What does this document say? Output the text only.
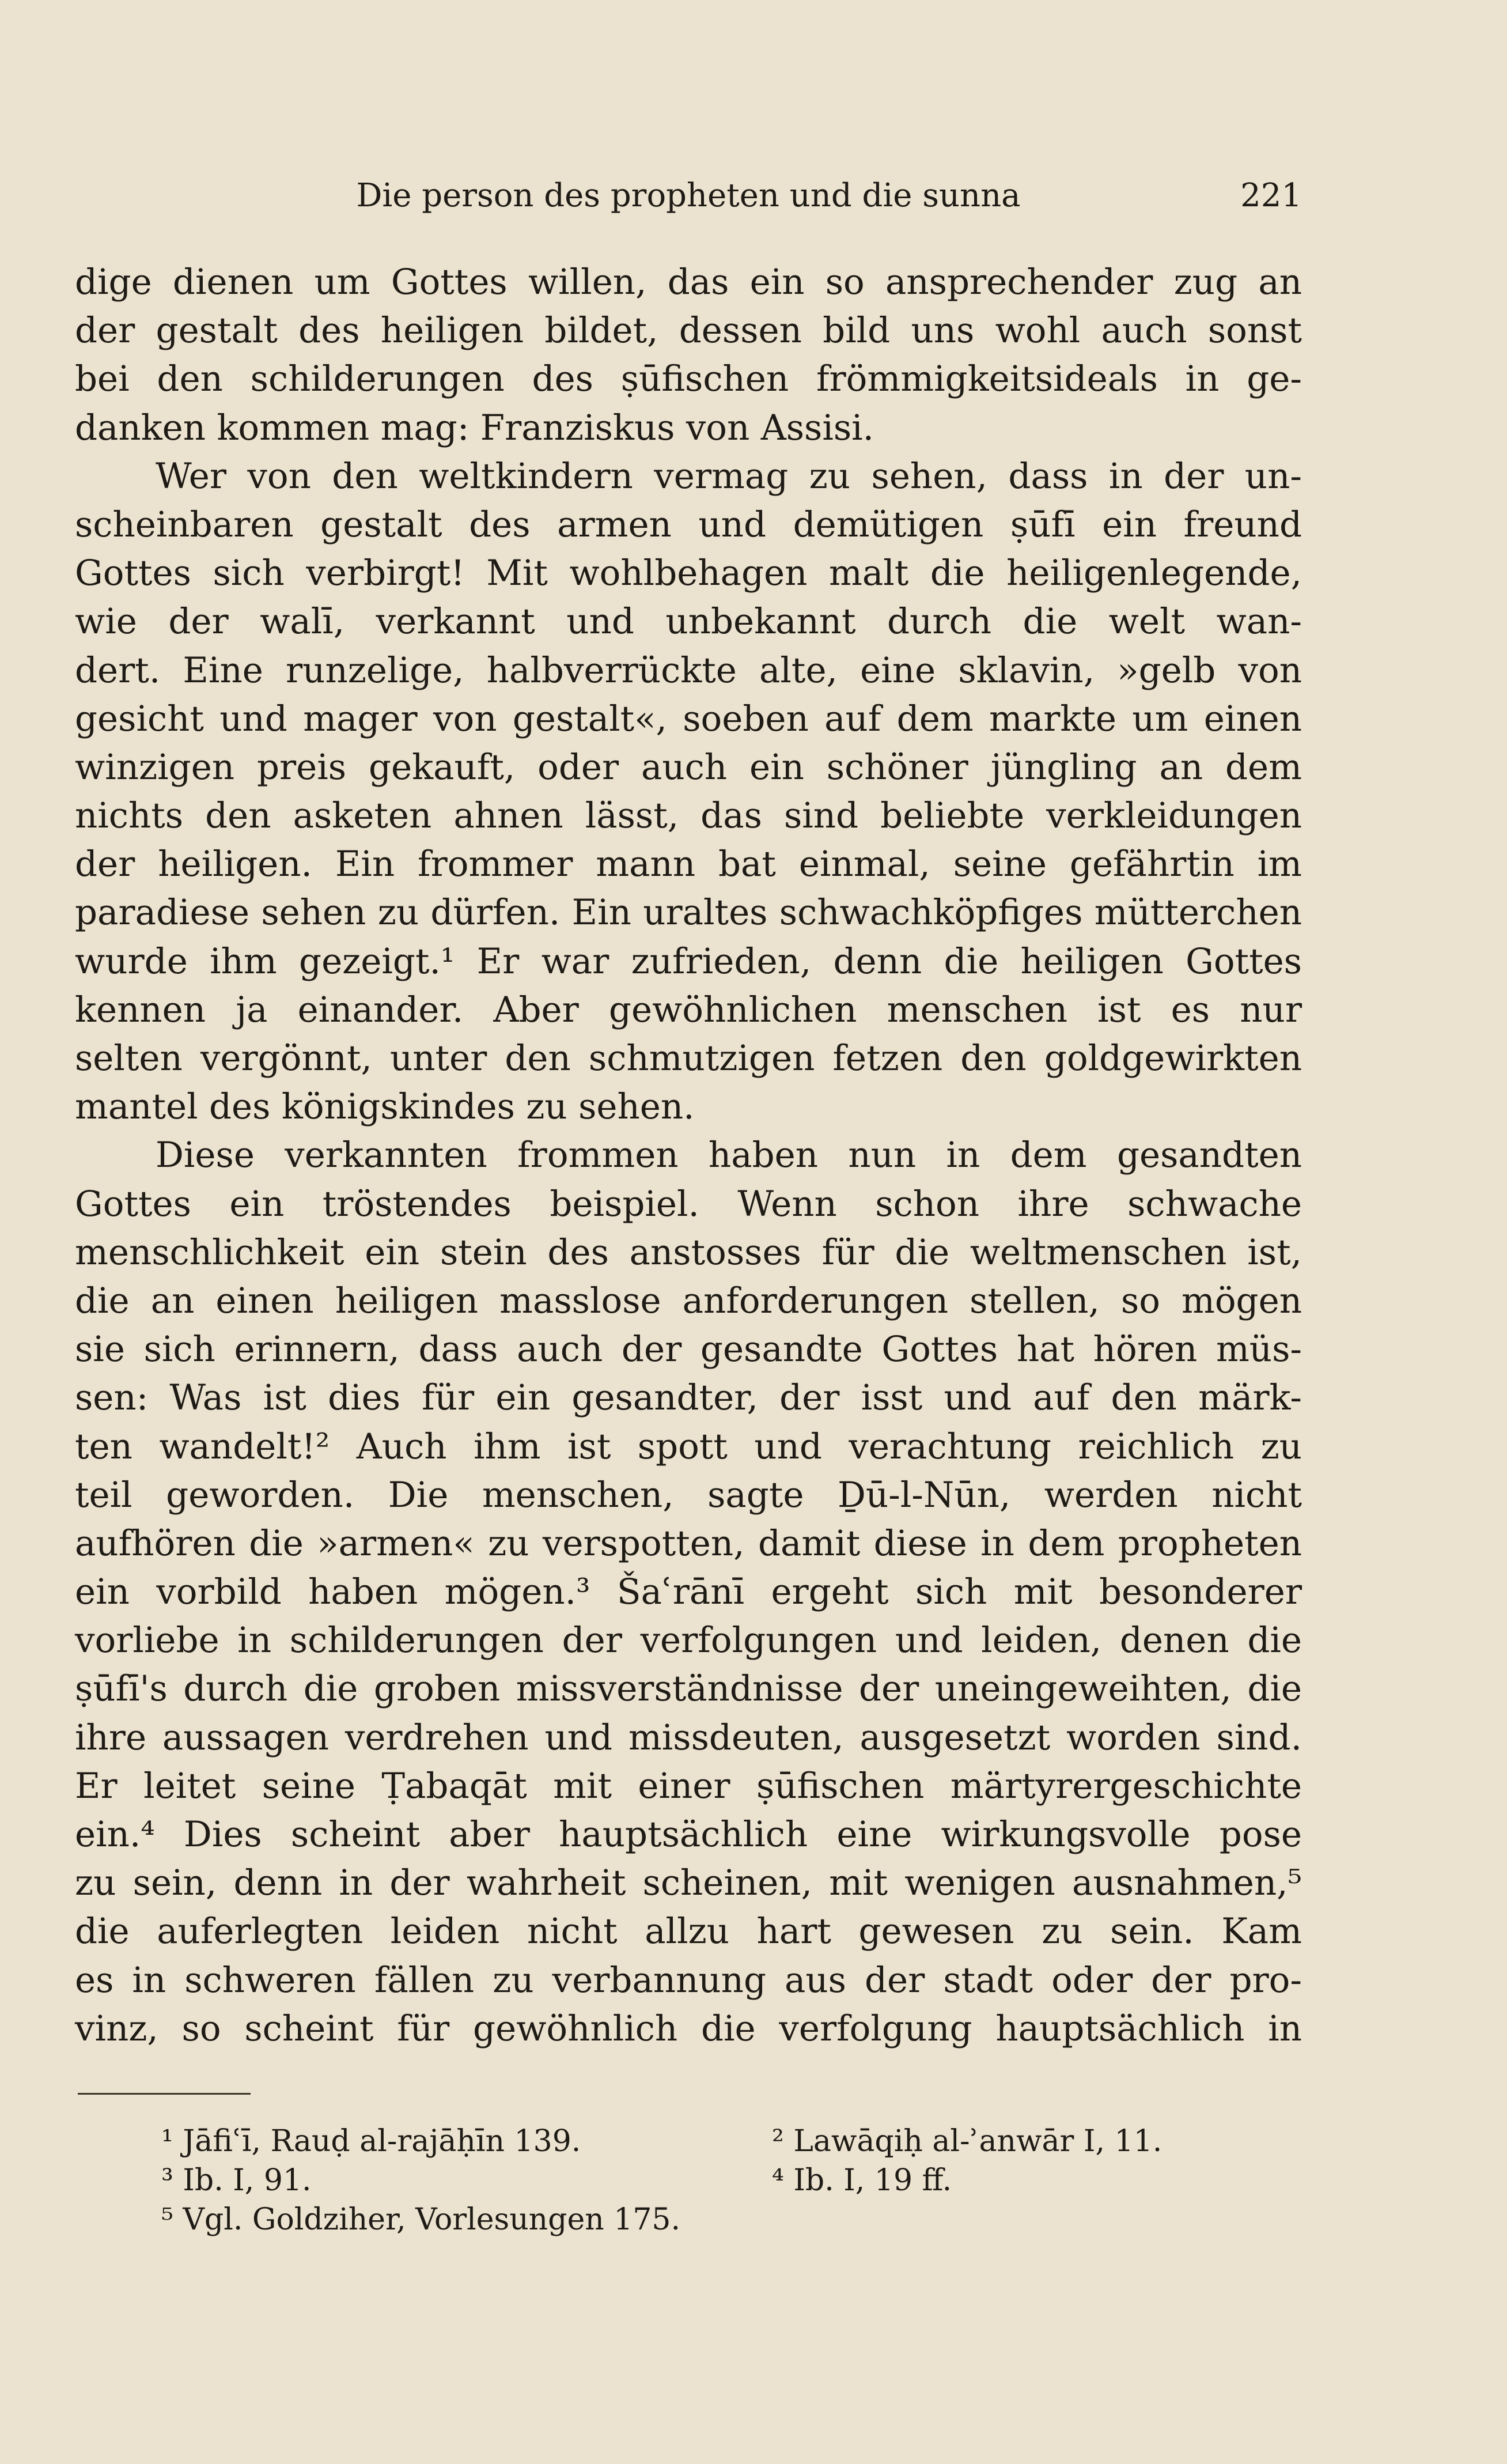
Die person des propheten und die sunna	221
dige dienen um Gottes willen, das ein so ansprechender zug an
der gestalt des heiligen bildet, dessen bild uns wohl auch sonst
bei den schilderungen des ṣūfischen frömmigkeitsideals in ge-
danken kommen mag: Franziskus von Assisi.
Wer von den weltkindern vermag zu sehen, dass in der un-
scheinbaren gestalt des armen und demütigen ṣūfī ein freund
Gottes sich verbirgt! Mit wohlbehagen malt die heiligenlegende,
wie der walī, verkannt und unbekannt durch die welt wan-
dert. Eine runzelige, halbverrückte alte, eine sklavin, »gelb von
gesicht und mager von gestalt«, soeben auf dem markte um einen
winzigen preis gekauft, oder auch ein schöner jüngling an dem
nichts den asketen ahnen lässt, das sind beliebte verkleidungen
der heiligen. Ein frommer mann bat einmal, seine gefährtin im
paradiese sehen zu dürfen. Ein uraltes schwachköpfiges mütterchen
wurde ihm gezeigt.¹ Er war zufrieden, denn die heiligen Gottes
kennen ja einander. Aber gewöhnlichen menschen ist es nur
selten vergönnt, unter den schmutzigen fetzen den goldgewirkten
mantel des königskindes zu sehen.
Diese verkannten frommen haben nun in dem gesandten
Gottes ein tröstendes beispiel. Wenn schon ihre schwache
menschlichkeit ein stein des anstosses für die weltmenschen ist,
die an einen heiligen masslose anforderungen stellen, so mögen
sie sich erinnern, dass auch der gesandte Gottes hat hören müs-
sen: Was ist dies für ein gesandter, der isst und auf den märk-
ten wandelt!² Auch ihm ist spott und verachtung reichlich zu
teil geworden. Die menschen, sagte Ḏū-l-Nūn, werden nicht
aufhören die »armen« zu verspotten, damit diese in dem propheten
ein vorbild haben mögen.³ Šaʿrānī ergeht sich mit besonderer
vorliebe in schilderungen der verfolgungen und leiden, denen die
ṣūfī's durch die groben missverständnisse der uneingeweihten, die
ihre aussagen verdrehen und missdeuten, ausgesetzt worden sind.
Er leitet seine Ṭabaqāt mit einer ṣūfischen märtyrergeschichte
ein.⁴ Dies scheint aber hauptsächlich eine wirkungsvolle pose
zu sein, denn in der wahrheit scheinen, mit wenigen ausnahmen,⁵
die auferlegten leiden nicht allzu hart gewesen zu sein. Kam
es in schweren fällen zu verbannung aus der stadt oder der pro-
vinz, so scheint für gewöhnlich die verfolgung hauptsächlich in
¹ Jāfiʿī, Rauḍ al-rajāḥīn 139.	² Lawāqiḥ al-ʾanwār I, 11.
³ Ib. I, 91.	⁴ Ib. I, 19 ff.
⁵ Vgl. Goldziher, Vorlesungen 175.
